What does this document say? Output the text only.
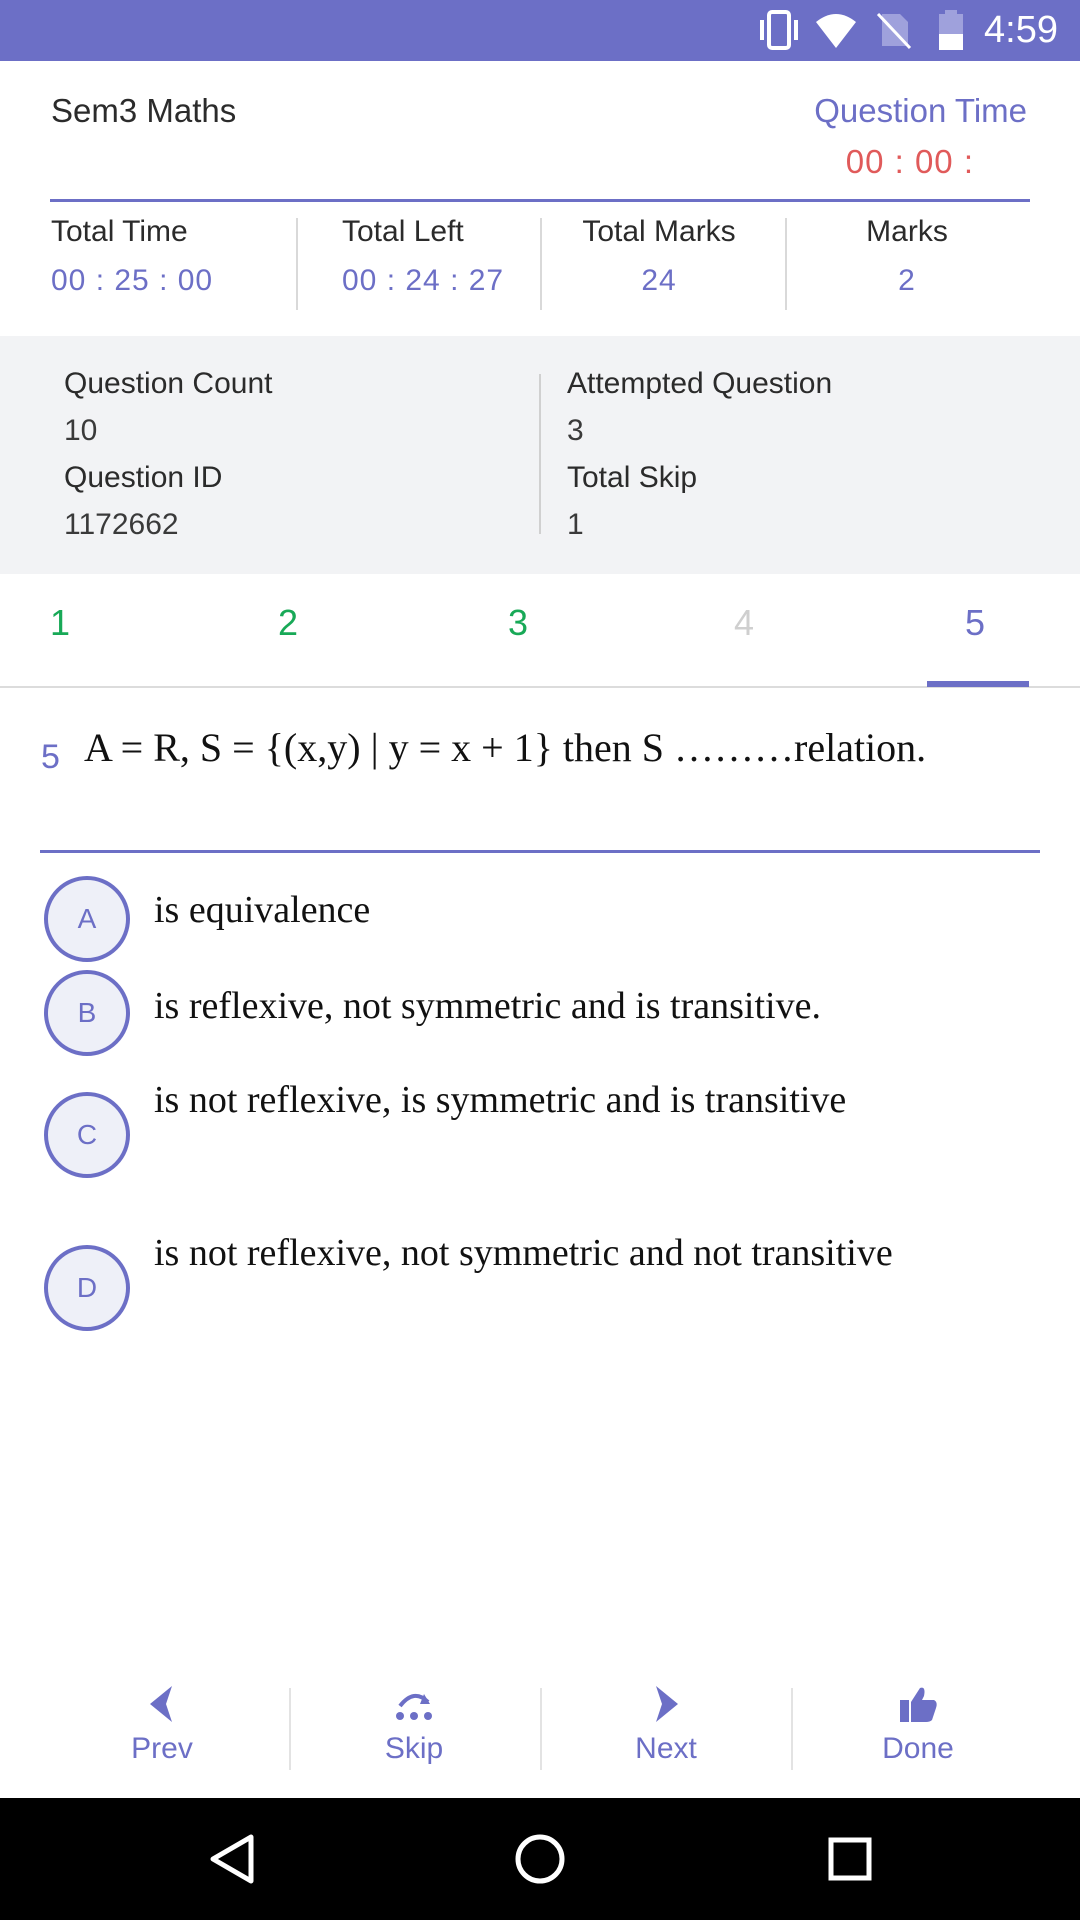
4:59
Sem3 Maths	Question Time
00 : 00 :
Total Time
00 : 25 : 00
Total Left
00 : 24 : 27
Total Marks
24
Marks
2
Question Count
10
Question ID
1172662
Attempted Question
3
Total Skip
1
1	2	3	4	5
5 A = R, S = {(x,y) | y = x + 1} then S ………relation.
A	is equivalence
B	is reflexive, not symmetric and is transitive.
C
is not reflexive, is symmetric and is transitive
D
is not reflexive, not symmetric and not transitive
Prev	Skip	Next	Done
